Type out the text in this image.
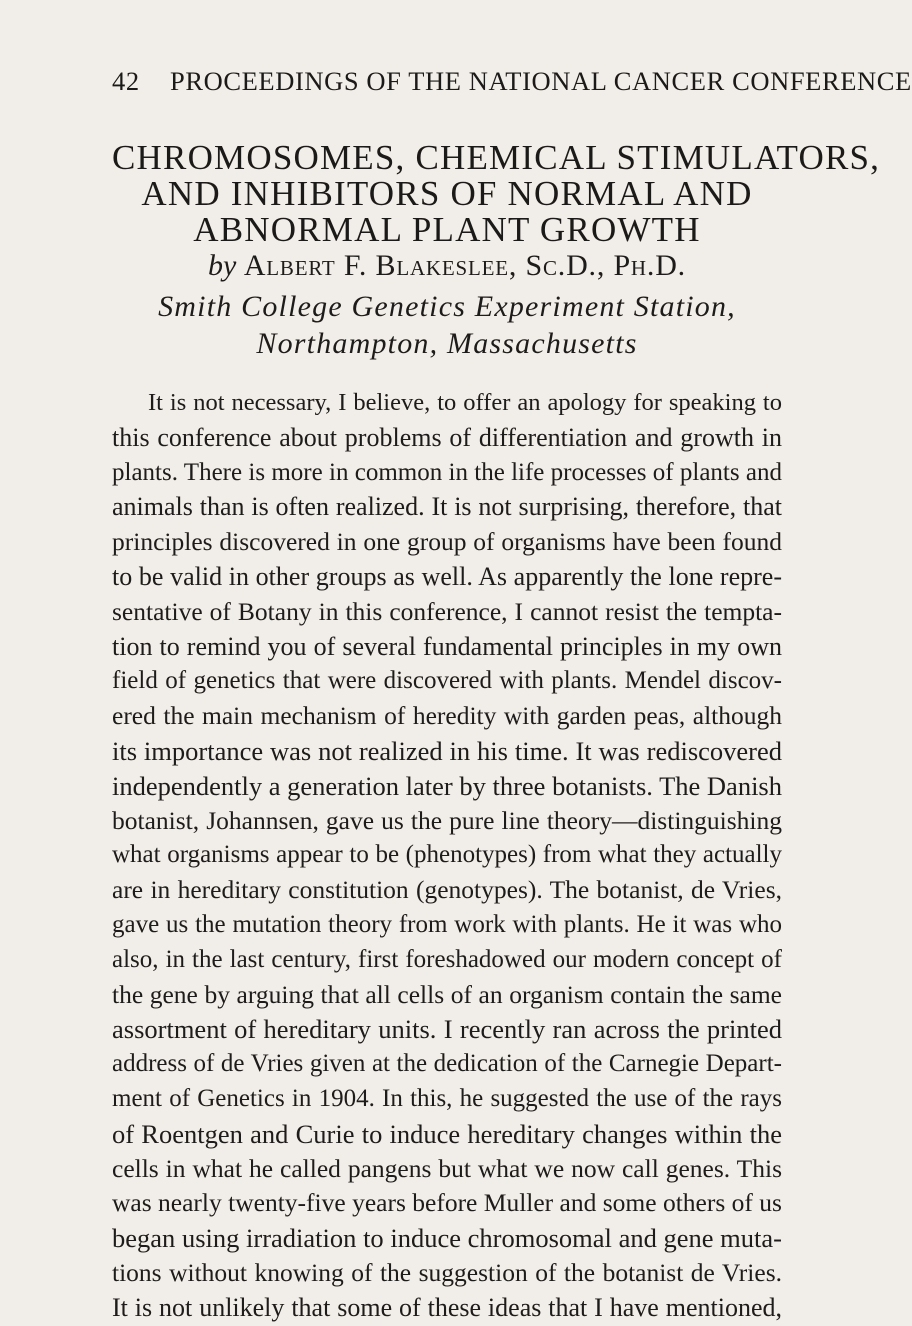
42 PROCEEDINGS OF THE NATIONAL CANCER CONFERENCE
CHROMOSOMES, CHEMICAL STIMULATORS,
AND INHIBITORS OF NORMAL AND
ABNORMAL PLANT GROWTH
by Albert F. Blakeslee, Sc.D., Ph.D.
Smith College Genetics Experiment Station,
Northampton, Massachusetts
It is not necessary, I believe, to offer an apology for speaking to
this conference about problems of differentiation and growth in
plants. There is more in common in the life processes of plants and
animals than is often realized. It is not surprising, therefore, that
principles discovered in one group of organisms have been found
to be valid in other groups as well. As apparently the lone repre-
sentative of Botany in this conference, I cannot resist the tempta-
tion to remind you of several fundamental principles in my own
field of genetics that were discovered with plants. Mendel discov-
ered the main mechanism of heredity with garden peas, although
its importance was not realized in his time. It was rediscovered
independently a generation later by three botanists. The Danish
botanist, Johannsen, gave us the pure line theory—distinguishing
what organisms appear to be (phenotypes) from what they actually
are in hereditary constitution (genotypes). The botanist, de Vries,
gave us the mutation theory from work with plants. He it was who
also, in the last century, first foreshadowed our modern concept of
the gene by arguing that all cells of an organism contain the same
assortment of hereditary units. I recently ran across the printed
address of de Vries given at the dedication of the Carnegie Depart-
ment of Genetics in 1904. In this, he suggested the use of the rays
of Roentgen and Curie to induce hereditary changes within the
cells in what he called pangens but what we now call genes. This
was nearly twenty-five years before Muller and some others of us
began using irradiation to induce chromosomal and gene muta-
tions without knowing of the suggestion of the botanist de Vries.
It is not unlikely that some of these ideas that I have mentioned,
